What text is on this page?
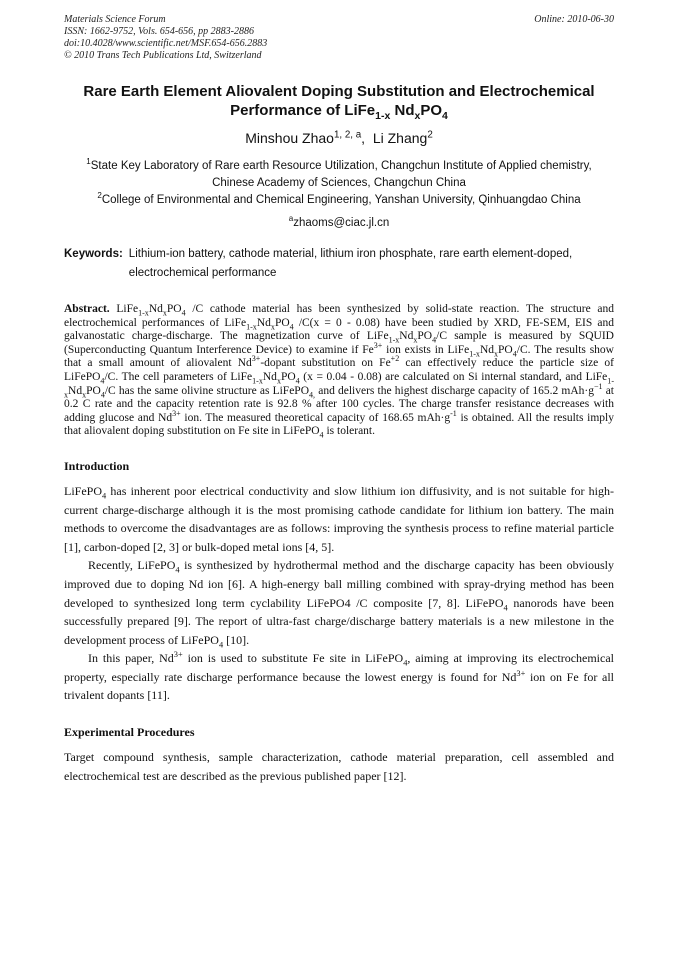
Materials Science Forum
ISSN: 1662-9752, Vols. 654-656, pp 2883-2886
doi:10.4028/www.scientific.net/MSF.654-656.2883
© 2010 Trans Tech Publications Ltd, Switzerland
Online: 2010-06-30
Rare Earth Element Aliovalent Doping Substitution and Electrochemical
Performance of LiFe$_{1-x}$ $Nd_xPO_4$
Minshou Zhao$^{1, 2, a}$,  Li Zhang$^2$
$^1$State Key Laboratory of Rare earth Resource Utilization, Changchun Institute of Applied chemistry,
Chinese Academy of Sciences, Changchun China
$^2$College of Environmental and Chemical Engineering, Yanshan University, Qinhuangdao China
$^a$zhaoms@ciac.jl.cn
Keywords: Lithium-ion battery, cathode material, lithium iron phosphate, rare earth element-doped, electrochemical performance
Abstract. $LiFe_{1-x}Nd_xPO_4$ /C cathode material has been synthesized by solid-state reaction. The structure and electrochemical performances of $LiFe_{1-x}Nd_xPO_4$ /C(x = 0 - 0.08) have been studied by XRD, FE-SEM, EIS and galvanostatic charge-discharge. The magnetization curve of $LiFe_{1-x}Nd_xPO_4/C$ sample is measured by SQUID (Superconducting Quantum Interference Device) to examine if $Fe^{3+}$ ion exists in $LiFe_{1-x}Nd_xPO_4/C$. The results show that a small amount of aliovalent $Nd^{3+}$-dopant substitution on $Fe^{+2}$ can effectively reduce the particle size of LiFePO$_4$/C. The cell parameters of $LiFe_{1-x}Nd_xPO_4$ (x = 0.04 - 0.08) are calculated on Si internal standard, and $LiFe_{1-x}Nd_xPO_4/C$ has the same olivine structure as LiFePO$_{4,}$ and delivers the highest discharge capacity of 165.2 $mAh\cdot g^{-1}$ at 0.2 C rate and the capacity retention rate is 92.8 % after 100 cycles. The charge transfer resistance decreases with adding glucose and $Nd^{3+}$ ion. The measured theoretical capacity of 168.65 $mAh\cdot g^{-1}$ is obtained. All the results imply that aliovalent doping substitution on Fe site in LiFePO$_4$ is tolerant.
Introduction

LiFePO$_4$ has inherent poor electrical conductivity and slow lithium ion diffusivity, and is not suitable for high-current charge-discharge although it is the most promising cathode candidate for lithium ion battery. The main methods to overcome the disadvantages are as follows: improving the synthesis process to refine material particle [1], carbon-doped [2, 3] or bulk-doped metal ions [4, 5].

Recently, LiFePO$_4$ is synthesized by hydrothermal method and the discharge capacity has been obviously improved due to doping Nd ion [6]. A high-energy ball milling combined with spray-drying method has been developed to synthesized long term cyclability LiFePO4 /C composite [7, 8]. LiFePO$_4$ nanorods have been successfully prepared [9]. The report of ultra-fast charge/discharge battery materials is a new milestone in the development process of LiFePO$_4$ [10].

In this paper, $Nd^{3+}$ ion is used to substitute Fe site in LiFePO$_4$, aiming at improving its electrochemical property, especially rate discharge performance because the lowest energy is found for $Nd^{3+}$ ion on Fe for all trivalent dopants [11].

Experimental Procedures

Target compound synthesis, sample characterization, cathode material preparation, cell assembled and electrochemical test are described as the previous published paper [12].
